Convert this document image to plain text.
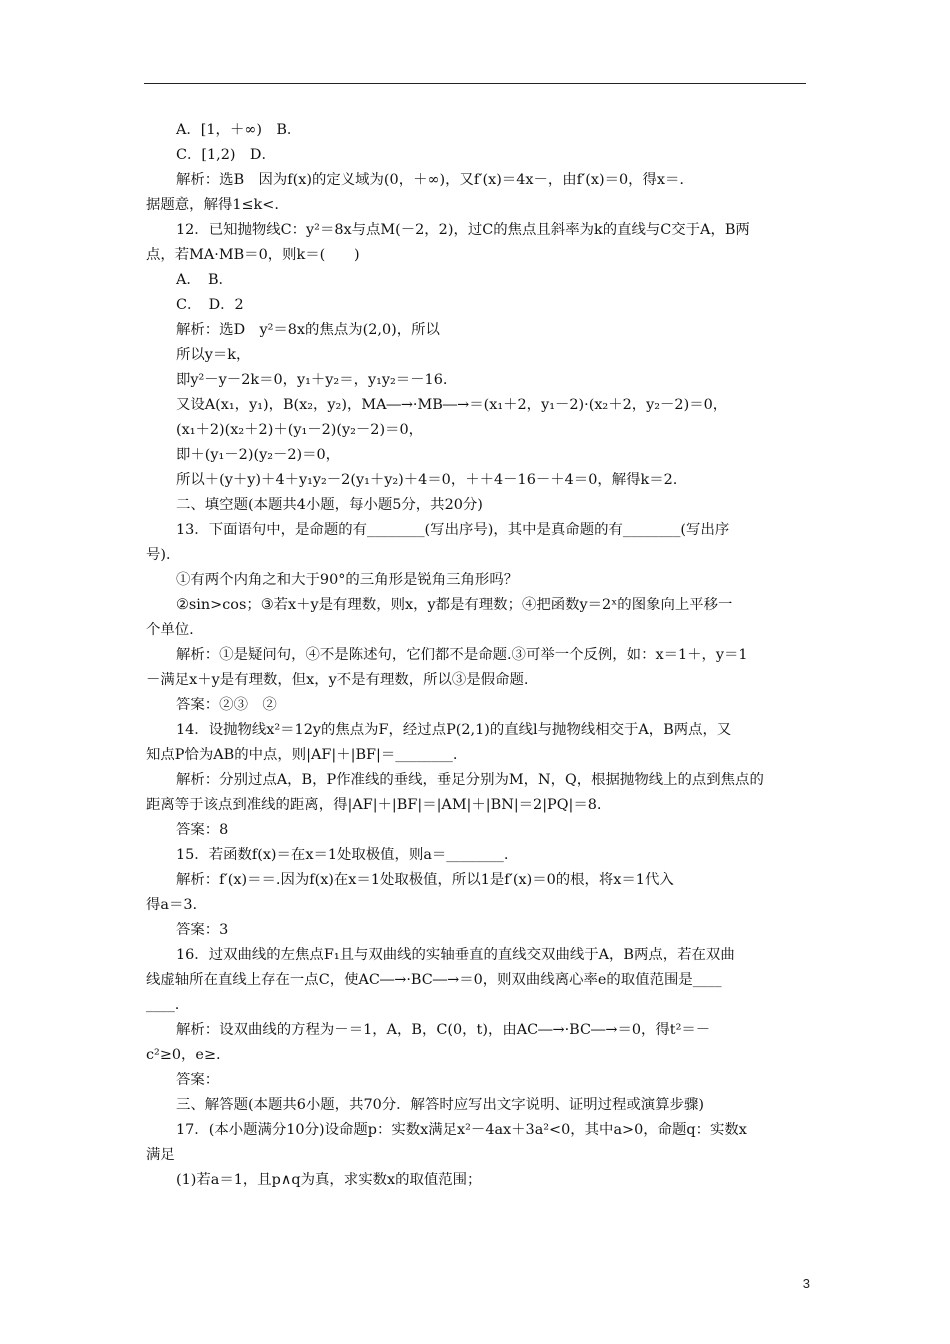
A．[1，＋∞)　B．
C．[1,2)　D．
解析：选B　因为f(x)的定义域为(0，＋∞)，又f′(x)＝4x－，由f′(x)＝0，得x＝.
据题意，解得1≤k<.
12．已知抛物线C：y²＝8x与点M(－2，2)，过C的焦点且斜率为k的直线与C交于A，B两
点，若MA·MB＝0，则k＝(　　)
A．　B．
C．　D．2
解析：选D　y²＝8x的焦点为(2,0)，所以
所以y＝k，
即y²－y－2k＝0，y₁＋y₂＝，y₁y₂＝－16.
又设A(x₁，y₁)，B(x₂，y₂)，MA―→·MB―→＝(x₁＋2，y₁－2)·(x₂＋2，y₂－2)＝0，
(x₁＋2)(x₂＋2)＋(y₁－2)(y₂－2)＝0，
即＋(y₁－2)(y₂－2)＝0，
所以＋(y＋y)＋4＋y₁y₂－2(y₁＋y₂)＋4＝0，＋＋4－16－＋4＝0，解得k＝2.
二、填空题(本题共4小题，每小题5分，共20分)
13．下面语句中，是命题的有________(写出序号)，其中是真命题的有________(写出序
号)．
①有两个内角之和大于90°的三角形是锐角三角形吗？
②sin>cos；③若x＋y是有理数，则x，y都是有理数；④把函数y＝2ˣ的图象向上平移一
个单位.
解析：①是疑问句，④不是陈述句，它们都不是命题.③可举一个反例，如：x＝1＋，y＝1
－满足x＋y是有理数，但x，y不是有理数，所以③是假命题.
答案：②③　②
14．设抛物线x²＝12y的焦点为F，经过点P(2,1)的直线l与抛物线相交于A，B两点，又
知点P恰为AB的中点，则|AF|＋|BF|＝________.
解析：分别过点A，B，P作准线的垂线，垂足分别为M，N，Q，根据抛物线上的点到焦点的
距离等于该点到准线的距离，得|AF|＋|BF|＝|AM|＋|BN|＝2|PQ|＝8.
答案：8
15．若函数f(x)＝在x＝1处取极值，则a＝________.
解析：f′(x)＝＝.因为f(x)在x＝1处取极值，所以1是f′(x)＝0的根，将x＝1代入
得a＝3.
答案：3
16．过双曲线的左焦点F₁且与双曲线的实轴垂直的直线交双曲线于A，B两点，若在双曲
线虚轴所在直线上存在一点C，使AC―→·BC―→＝0，则双曲线离心率e的取值范围是____
____.
解析：设双曲线的方程为－＝1，A，B，C(0，t)，由AC―→·BC―→＝0，得t²＝－
c²≥0，e≥.
答案：
三、解答题(本题共6小题，共70分．解答时应写出文字说明、证明过程或演算步骤)
17．(本小题满分10分)设命题p：实数x满足x²－4ax＋3a²<0，其中a>0，命题q：实数x
满足
(1)若a＝1，且p∧q为真，求实数x的取值范围；
3
